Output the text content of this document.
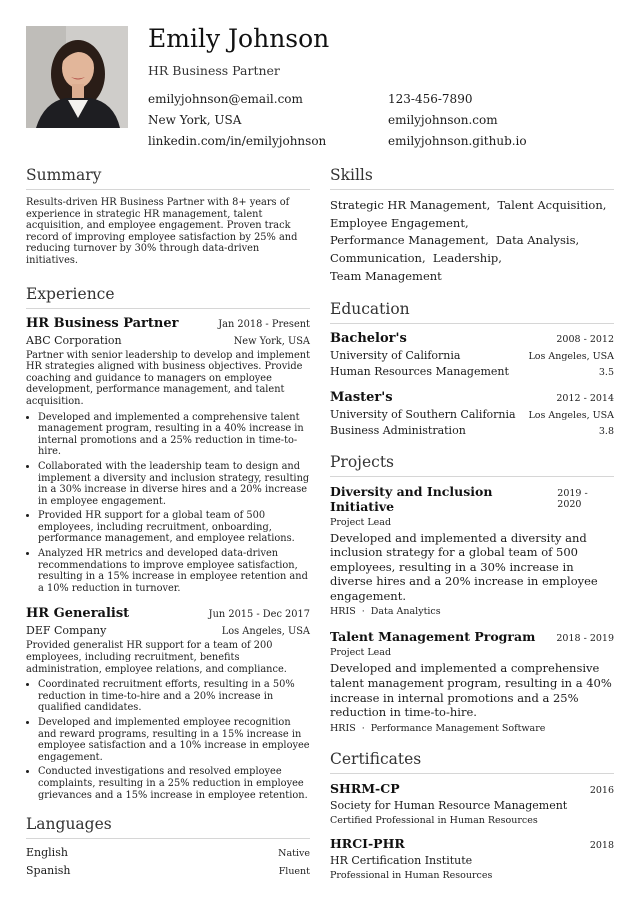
Emily Johnson
HR Business Partner
emilyjohnson@email.com	123-456-7890
New York, USA	emilyjohnson.com
linkedin.com/in/emilyjohnson	emilyjohnson.github.io
Summary

Results-driven HR Business Partner with 8+ years of experience in strategic HR management, talent acquisition, and employee engagement. Proven track record of improving employee satisfaction by 25% and reducing turnover by 30% through data-driven initiatives.

Experience
HR Business Partner	Jan 2018 - Present
ABC Corporation	New York, USA

Partner with senior leadership to develop and implement HR strategies aligned with business objectives. Provide coaching and guidance to managers on employee development, performance management, and talent acquisition.

• Developed and implemented a comprehensive talent management program, resulting in a 40% increase in internal promotions and a 25% reduction in time-to-hire.
• Collaborated with the leadership team to design and implement a diversity and inclusion strategy, resulting in a 30% increase in diverse hires and a 20% increase in employee engagement.
• Provided HR support for a global team of 500 employees, including recruitment, onboarding, performance management, and employee relations.
• Analyzed HR metrics and developed data-driven recommendations to improve employee satisfaction, resulting in a 15% increase in employee retention and a 10% reduction in turnover.
HR Generalist	Jun 2015 - Dec 2017
DEF Company	Los Angeles, USA

Provided generalist HR support for a team of 200 employees, including recruitment, benefits administration, employee relations, and compliance.

• Coordinated recruitment efforts, resulting in a 50% reduction in time-to-hire and a 20% increase in qualified candidates.
• Developed and implemented employee recognition and reward programs, resulting in a 15% increase in employee satisfaction and a 10% increase in employee engagement.
• Conducted investigations and resolved employee complaints, resulting in a 25% reduction in employee grievances and a 15% increase in employee retention.
Languages
English	Native
Spanish	Fluent
Skills
Strategic HR Management,  Talent Acquisition,
Employee Engagement,
Performance Management,  Data Analysis,
Communication,  Leadership,  Team Management
Education
Bachelor's	2008 - 2012
University of California	Los Angeles, USA
Human Resources Management	3.5
Master's	2012 - 2014
University of Southern California Los Angeles, USA
Business Administration	3.8
Projects
Diversity and Inclusion Initiative
2019 - 2020
Project Lead
Developed and implemented a diversity and inclusion strategy for a global team of 500 employees, resulting in a 30% increase in diverse hires and a 20% increase in employee engagement.
HRIS · Data Analytics
Talent Management Program 2018 - 2019
Project Lead
Developed and implemented a comprehensive talent management program, resulting in a 40% increase in internal promotions and a 25% reduction in time-to-hire.
HRIS · Performance Management Software
Certificates
SHRM-CP	2016
Society for Human Resource Management
Certified Professional in Human Resources
HRCI-PHR	2018
HR Certification Institute
Professional in Human Resources
